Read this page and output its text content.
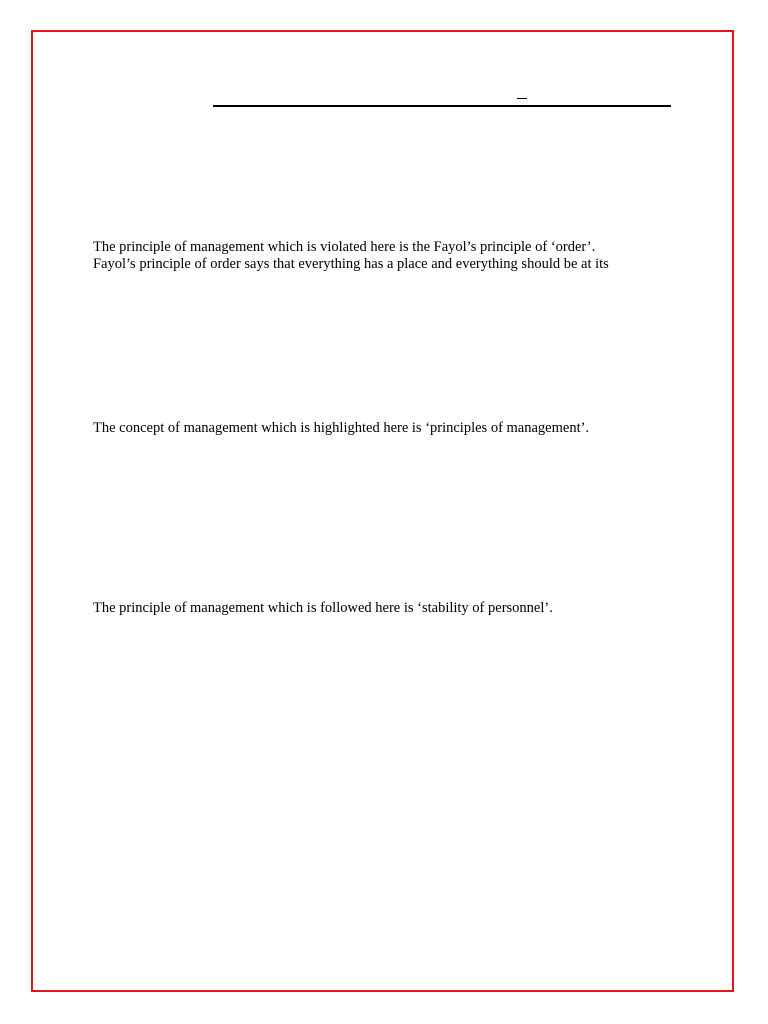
The principle of management which is violated here is the Fayol’s principle of ‘order’.
Fayol’s principle of order says that everything has a place and everything should be at its
The concept of management which is highlighted here is ‘principles of management’.
The principle of management which is followed here is ‘stability of personnel’.
